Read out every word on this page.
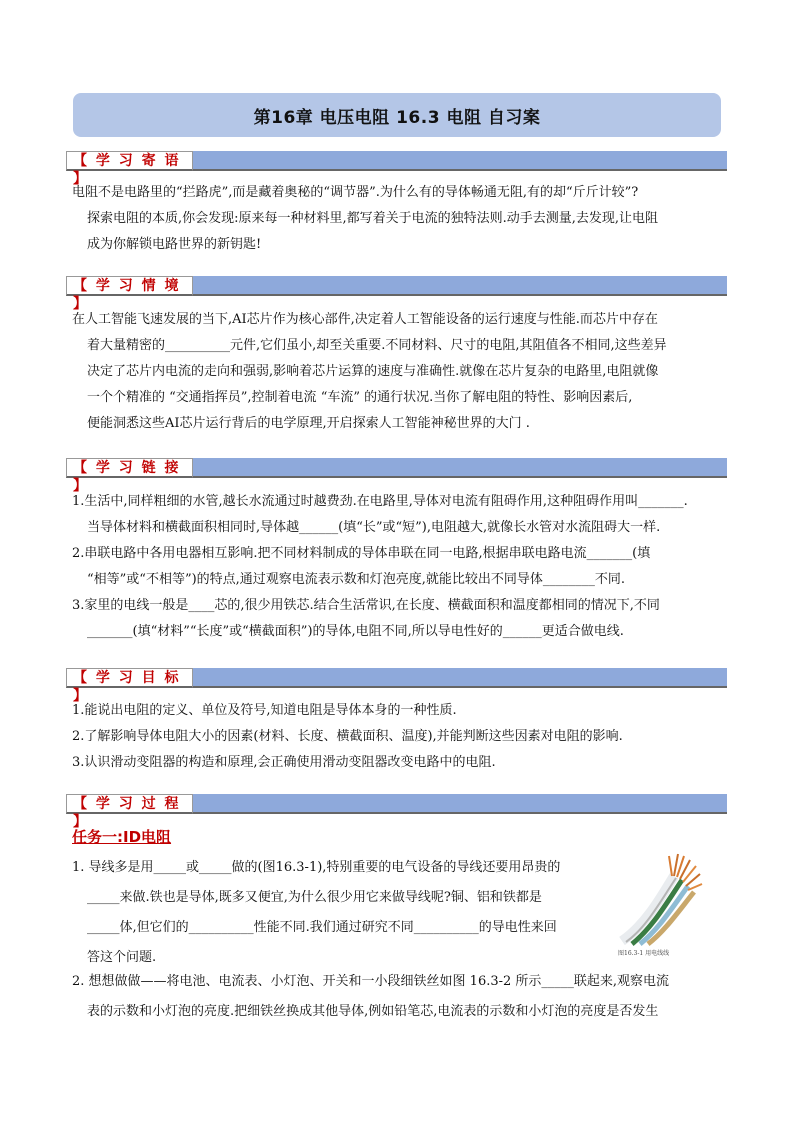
第16章 电压电阻 16.3 电阻 自习案
【 学 习 寄 语 】

电阻不是电路里的“拦路虎”,而是藏着奥秘的“调节器”.为什么有的导体畅通无阻,有的却“斤斤计较”?
探索电阻的本质,你会发现:原来每一种材料里,都写着关于电流的独特法则.动手去测量,去发现,让电阻
成为你解锁电路世界的新钥匙!

【 学 习 情 境 】

在人工智能飞速发展的当下,AI芯片作为核心部件,决定着人工智能设备的运行速度与性能.而芯片中存在
着大量精密的__________元件,它们虽小,却至关重要.不同材料、尺寸的电阻,其阻值各不相同,这些差异
决定了芯片内电流的走向和强弱,影响着芯片运算的速度与准确性.就像在芯片复杂的电路里,电阻就像
一个个精准的 “交通指挥员”,控制着电流 “车流” 的通行状况.当你了解电阻的特性、影响因素后,
便能洞悉这些AI芯片运行背后的电学原理,开启探索人工智能神秘世界的大门 .

【 学 习 链 接 】
1.生活中,同样粗细的水管,越长水流通过时越费劲.在电路里,导体对电流有阻碍作用,这种阻碍作用叫_______.
当导体材料和横截面积相同时,导体越______(填“长”或“短”),电阻越大,就像长水管对水流阻碍大一样.
2.串联电路中各用电器相互影响.把不同材料制成的导体串联在同一电路,根据串联电路电流_______(填
“相等”或“不相等”)的特点,通过观察电流表示数和灯泡亮度,就能比较出不同导体________不同.
3.家里的电线一般是____芯的,很少用铁芯.结合生活常识,在长度、横截面积和温度都相同的情况下,不同
_______(填“材料”“长度”或“横截面积”)的导体,电阻不同,所以导电性好的______更适合做电线.
【 学 习 目 标 】
1.能说出电阻的定义、单位及符号,知道电阻是导体本身的一种性质.
2.了解影响导体电阻大小的因素(材料、长度、横截面积、温度),并能判断这些因素对电阻的影响.
3.认识滑动变阻器的构造和原理,会正确使用滑动变阻器改变电路中的电阻.
【 学 习 过 程 】
任务一:ID电阻

1. 导线多是用_____或_____做的(图16.3-1),特别重要的电气设备的导线还要用昂贵的
_____来做.铁也是导体,既多又便宜,为什么很少用它来做导线呢?铜、铝和铁都是
_____体,但它们的__________性能不同.我们通过研究不同__________的导电性来回
答这个问题.	图16.3-1 用电线线

2. 想想做做——将电池、电流表、小灯泡、开关和一小段细铁丝如图 16.3-2 所示_____联起来,观察电流
表的示数和小灯泡的亮度.把细铁丝换成其他导体,例如铅笔芯,电流表的示数和小灯泡的亮度是否发生
